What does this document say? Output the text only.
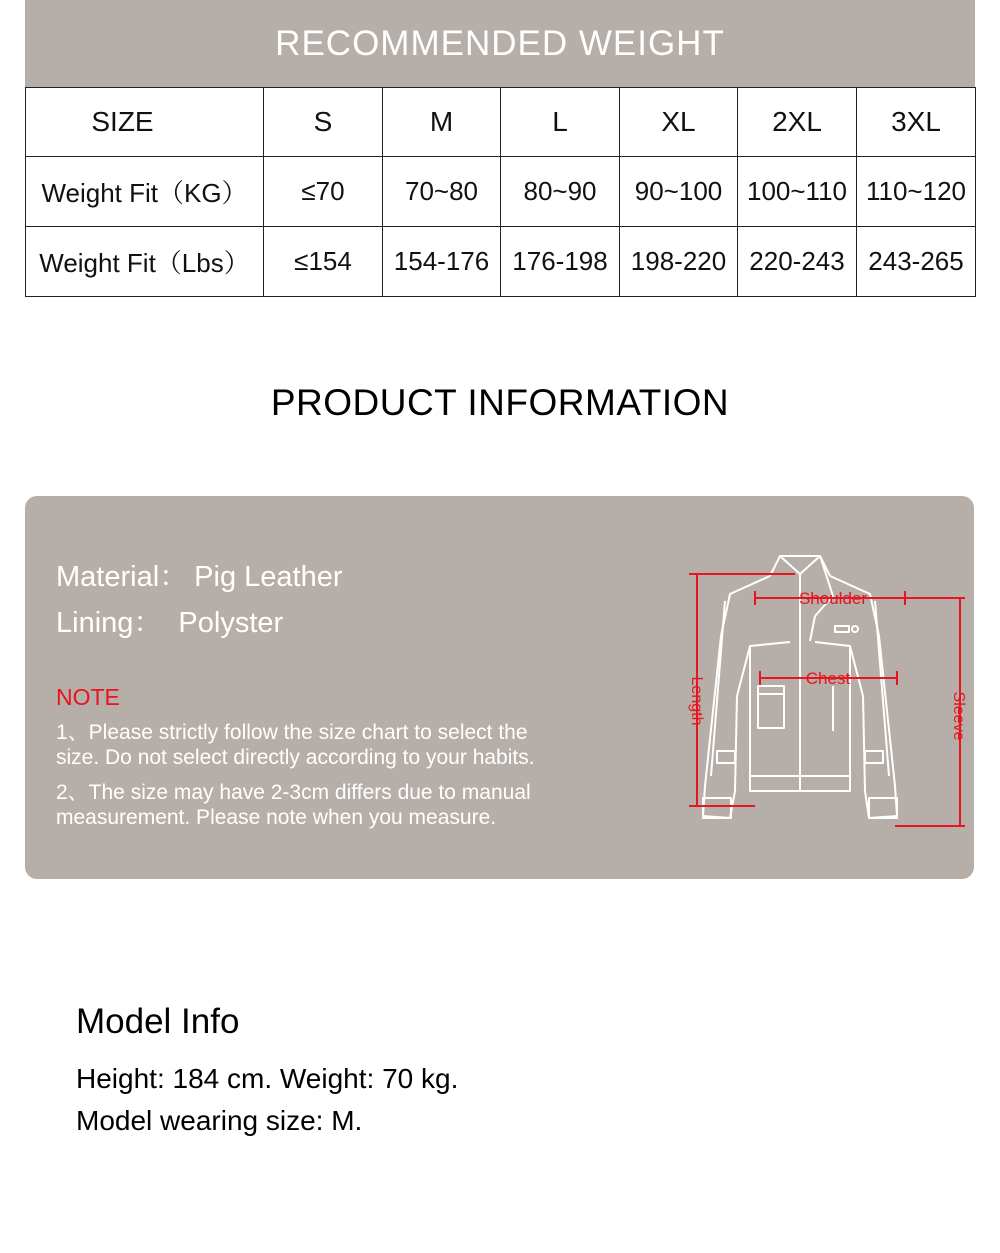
RECOMMENDED WEIGHT
SIZE	S	M	L	XL	2XL	3XL
Weight Fit（KG）	≤70	70~80	80~90	90~100	100~110	110~120
Weight Fit（Lbs）	≤154	154-176	176-198	198-220	220-243	243-265
PRODUCT INFORMATION
Material： Pig Leather
Lining： Polyster
NOTE
1、Please strictly follow the size chart to select the
size. Do not select directly according to your habits.
2、The size may have 2-3cm differs due to manual
measurement. Please note when you measure.
Shoulder
Chest
Length	Sleeve
Model Info
Height: 184 cm. Weight: 70 kg.
Model wearing size: M.
